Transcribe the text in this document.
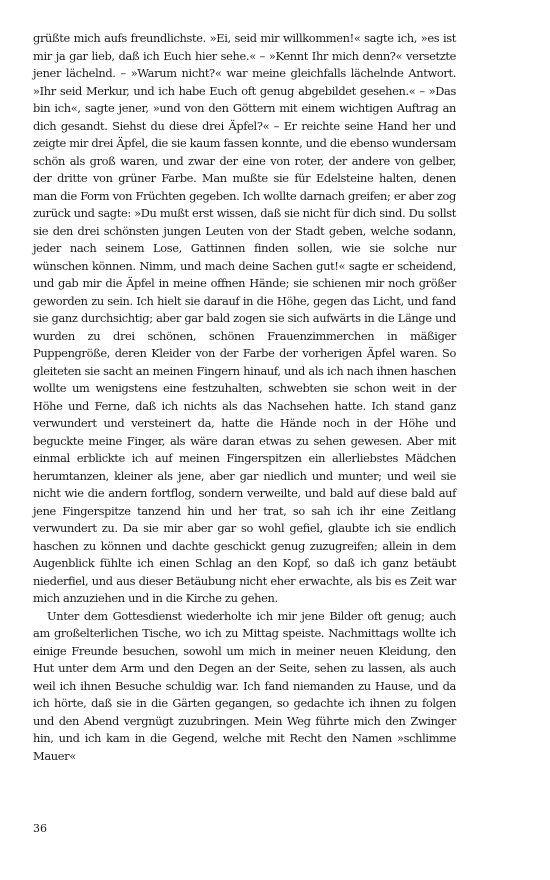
grüßte mich aufs freundlichste. »Ei, seid mir willkommen!« sagte ich, »es ist mir ja gar lieb, daß ich Euch hier sehe.« – »Kennt Ihr mich denn?« versetzte jener lächelnd. – »Warum nicht?« war meine gleichfalls lächelnde Antwort. »Ihr seid Merkur, und ich habe Euch oft genug abgebildet gesehen.« – »Das bin ich«, sagte jener, »und von den Göttern mit einem wichtigen Auftrag an dich gesandt. Siehst du diese drei Äpfel?« – Er reichte seine Hand her und zeigte mir drei Äpfel, die sie kaum fassen konnte, und die ebenso wundersam schön als groß waren, und zwar der eine von roter, der andere von gelber, der dritte von grüner Farbe. Man mußte sie für Edelsteine halten, denen man die Form von Früchten gegeben. Ich wollte darnach greifen; er aber zog zurück und sagte: »Du mußt erst wissen, daß sie nicht für dich sind. Du sollst sie den drei schönsten jungen Leuten von der Stadt geben, welche sodann, jeder nach seinem Lose, Gattinnen finden sollen, wie sie solche nur wünschen können. Nimm, und mach deine Sachen gut!« sagte er scheidend, und gab mir die Äpfel in meine offnen Hände; sie schienen mir noch größer geworden zu sein. Ich hielt sie darauf in die Höhe, gegen das Licht, und fand sie ganz durchsichtig; aber gar bald zogen sie sich aufwärts in die Länge und wurden zu drei schönen, schönen Frauenzimmerchen in mäßiger Puppengröße, deren Kleider von der Farbe der vorherigen Äpfel waren. So gleiteten sie sacht an meinen Fingern hinauf, und als ich nach ihnen haschen wollte um wenigstens eine festzuhalten, schwebten sie schon weit in der Höhe und Ferne, daß ich nichts als das Nachsehen hatte. Ich stand ganz verwundert und versteinert da, hatte die Hände noch in der Höhe und beguckte meine Finger, als wäre daran etwas zu sehen gewesen. Aber mit einmal erblickte ich auf meinen Fingerspitzen ein allerliebstes Mädchen herumtanzen, kleiner als jene, aber gar niedlich und munter; und weil sie nicht wie die andern fortflog, sondern verweilte, und bald auf diese bald auf jene Fingerspitze tanzend hin und her trat, so sah ich ihr eine Zeitlang verwundert zu. Da sie mir aber gar so wohl gefiel, glaubte ich sie endlich haschen zu können und dachte geschickt genug zuzugreifen; allein in dem Augenblick fühlte ich einen Schlag an den Kopf, so daß ich ganz betäubt niederfiel, und aus dieser Betäubung nicht eher erwachte, als bis es Zeit war mich anzuziehen und in die Kirche zu gehen.

Unter dem Gottesdienst wiederholte ich mir jene Bilder oft genug; auch am großelterlichen Tische, wo ich zu Mittag speiste. Nachmittags wollte ich einige Freunde besuchen, sowohl um mich in meiner neuen Kleidung, den Hut unter dem Arm und den Degen an der Seite, sehen zu lassen, als auch weil ich ihnen Besuche schuldig war. Ich fand niemanden zu Hause, und da ich hörte, daß sie in die Gärten gegangen, so gedachte ich ihnen zu folgen und den Abend vergnügt zuzubringen. Mein Weg führte mich den Zwinger hin, und ich kam in die Gegend, welche mit Recht den Namen »schlimme Mauer«

36
